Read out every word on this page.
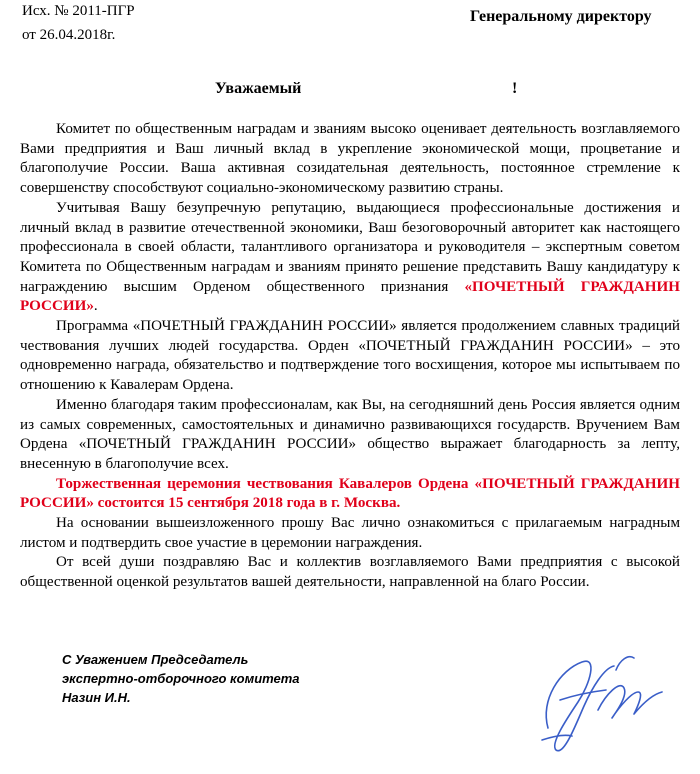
Исх. № 2011-ПГР
от 26.04.2018г.
Генеральному директору
Уважаемый	!

Комитет по общественным наградам и званиям высоко оценивает деятельность возглавляемого Вами предприятия и Ваш личный вклад в укрепление экономической мощи, процветание и благополучие России. Ваша активная созидательная деятельность, постоянное стремление к совершенству способствуют социально-экономическому развитию страны.

Учитывая Вашу безупречную репутацию, выдающиеся профессиональные достижения и личный вклад в развитие отечественной экономики, Ваш безоговорочный авторитет как настоящего профессионала в своей области, талантливого организатора и руководителя – экспертным советом Комитета по Общественным наградам и званиям принято решение представить Вашу кандидатуру к награждению высшим Орденом общественного признания «ПОЧЕТНЫЙ ГРАЖДАНИН РОССИИ».

Программа «ПОЧЕТНЫЙ ГРАЖДАНИН РОССИИ» является продолжением славных традиций чествования лучших людей государства. Орден «ПОЧЕТНЫЙ ГРАЖДАНИН РОССИИ» – это одновременно награда, обязательство и подтверждение того восхищения, которое мы испытываем по отношению к Кавалерам Ордена.

Именно благодаря таким профессионалам, как Вы, на сегодняшний день Россия является одним из самых современных, самостоятельных и динамично развивающихся государств. Вручением Вам Ордена «ПОЧЕТНЫЙ ГРАЖДАНИН РОССИИ» общество выражает благодарность за лепту, внесенную в благополучие всех.

Торжественная церемония чествования Кавалеров Ордена «ПОЧЕТНЫЙ ГРАЖДАНИН РОССИИ» состоится 15 сентября 2018 года в г. Москва.

На основании вышеизложенного прошу Вас лично ознакомиться с прилагаемым наградным листом и подтвердить свое участие в церемонии награждения.

От всей души поздравляю Вас и коллектив возглавляемого Вами предприятия с высокой общественной оценкой результатов вашей деятельности, направленной на благо России.

С Уважением Председатель
экспертно-отборочного комитета
Назин И.Н.
